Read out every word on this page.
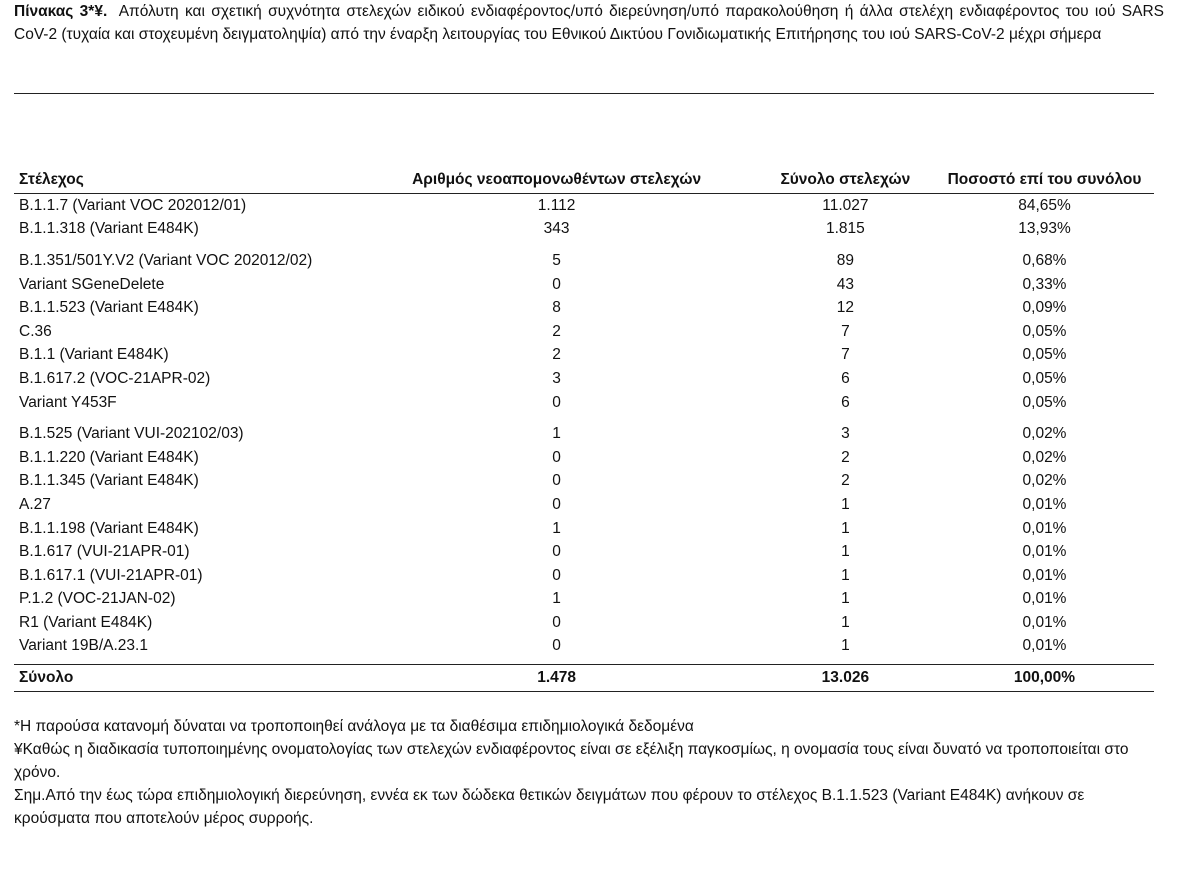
Πίνακας 3*¥. Απόλυτη και σχετική συχνότητα στελεχών ειδικού ενδιαφέροντος/υπό διερεύνηση/υπό παρακολούθηση ή άλλα στελέχη ενδιαφέροντος του ιού SARS CoV-2 (τυχαία και στοχευμένη δειγματοληψία) από την έναρξη λειτουργίας του Εθνικού Δικτύου Γονιδιωματικής Επιτήρησης του ιού SARS-CoV-2 μέχρι σήμερα
Στέλεχος	Αριθμός νεοαπομονωθέντων στελεχών	Σύνολο στελεχών	Ποσοστό επί του συνόλου
B.1.1.7 (Variant VOC 202012/01)	1.112	11.027	84,65%
B.1.1.318 (Variant E484K)	343	1.815	13,93%

B.1.351/501Y.V2 (Variant VOC 202012/02)	5	89	0,68%
Variant SGeneDelete	0	43	0,33%
B.1.1.523 (Variant E484K)	8	12	0,09%
C.36	2	7	0,05%
B.1.1 (Variant E484K)	2	7	0,05%
B.1.617.2 (VOC-21APR-02)	3	6	0,05%
Variant Y453F	0	6	0,05%

B.1.525 (Variant VUI-202102/03)	1	3	0,02%
B.1.1.220 (Variant E484K)	0	2	0,02%
B.1.1.345 (Variant E484K)	0	2	0,02%
A.27	0	1	0,01%
B.1.1.198 (Variant E484K)	1	1	0,01%
B.1.617 (VUI-21APR-01)	0	1	0,01%
B.1.617.1 (VUI-21APR-01)	0	1	0,01%
P.1.2 (VOC-21JAN-02)	1	1	0,01%
R1 (Variant E484K)	0	1	0,01%
Variant 19B/A.23.1	0	1	0,01%

Σύνολο	1.478	13.026	100,00%

*Η παρούσα κατανομή δύναται να τροποποιηθεί ανάλογα με τα διαθέσιμα επιδημιολογικά δεδομένα

¥Καθώς η διαδικασία τυποποιημένης ονοματολογίας των στελεχών ενδιαφέροντος είναι σε εξέλιξη παγκοσμίως, η ονομασία τους είναι δυνατό να τροποποιείται στο χρόνο.

Σημ.Από την έως τώρα επιδημιολογική διερεύνηση, εννέα εκ των δώδεκα θετικών δειγμάτων που φέρουν το στέλεχος B.1.1.523 (Variant E484K) ανήκουν σε κρούσματα που αποτελούν μέρος συρροής.
